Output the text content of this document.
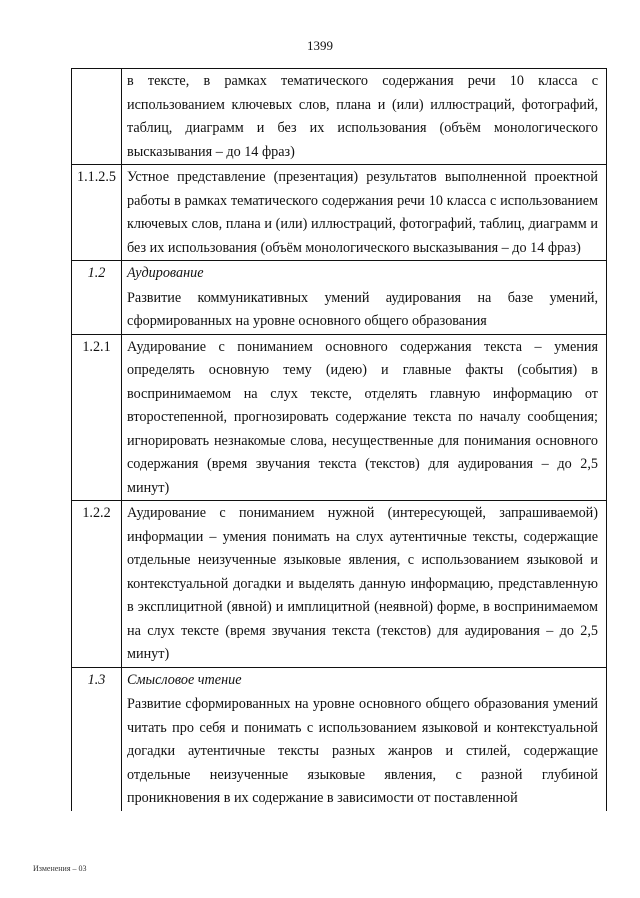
1399

	в тексте, в рамках тематического содержания речи 10 класса с использованием ключевых слов, плана и (или) иллюстраций, фотографий, таблиц, диаграмм и без их использования (объём монологического высказывания – до 14 фраз)

1.1.2.5	Устное представление (презентация) результатов выполненной проектной работы в рамках тематического содержания речи 10 класса с использованием ключевых слов, плана и (или) иллюстраций, фотографий, таблиц, диаграмм и без их использования (объём монологического высказывания – до 14 фраз)

1.2	Аудирование
Развитие коммуникативных умений аудирования на базе умений, сформированных на уровне основного общего образования

1.2.1	Аудирование с пониманием основного содержания текста – умения определять основную тему (идею) и главные факты (события) в воспринимаемом на слух тексте, отделять главную информацию от второстепенной, прогнозировать содержание текста по началу сообщения; игнорировать незнакомые слова, несущественные для понимания основного содержания (время звучания текста (текстов) для аудирования – до 2,5 минут)

1.2.2	Аудирование с пониманием нужной (интересующей, запрашиваемой) информации – умения понимать на слух аутентичные тексты, содержащие отдельные неизученные языковые явления, с использованием языковой и контекстуальной догадки и выделять данную информацию, представленную в эксплицитной (явной) и имплицитной (неявной) форме, в воспринимаемом на слух тексте (время звучания текста (текстов) для аудирования – до 2,5 минут)

1.3	Смысловое чтение
Развитие сформированных на уровне основного общего образования умений читать про себя и понимать с использованием языковой и контекстуальной догадки аутентичные тексты разных жанров и стилей, содержащие отдельные неизученные языковые явления, с разной глубиной проникновения в их содержание в зависимости от поставленной
Изменения – 03
